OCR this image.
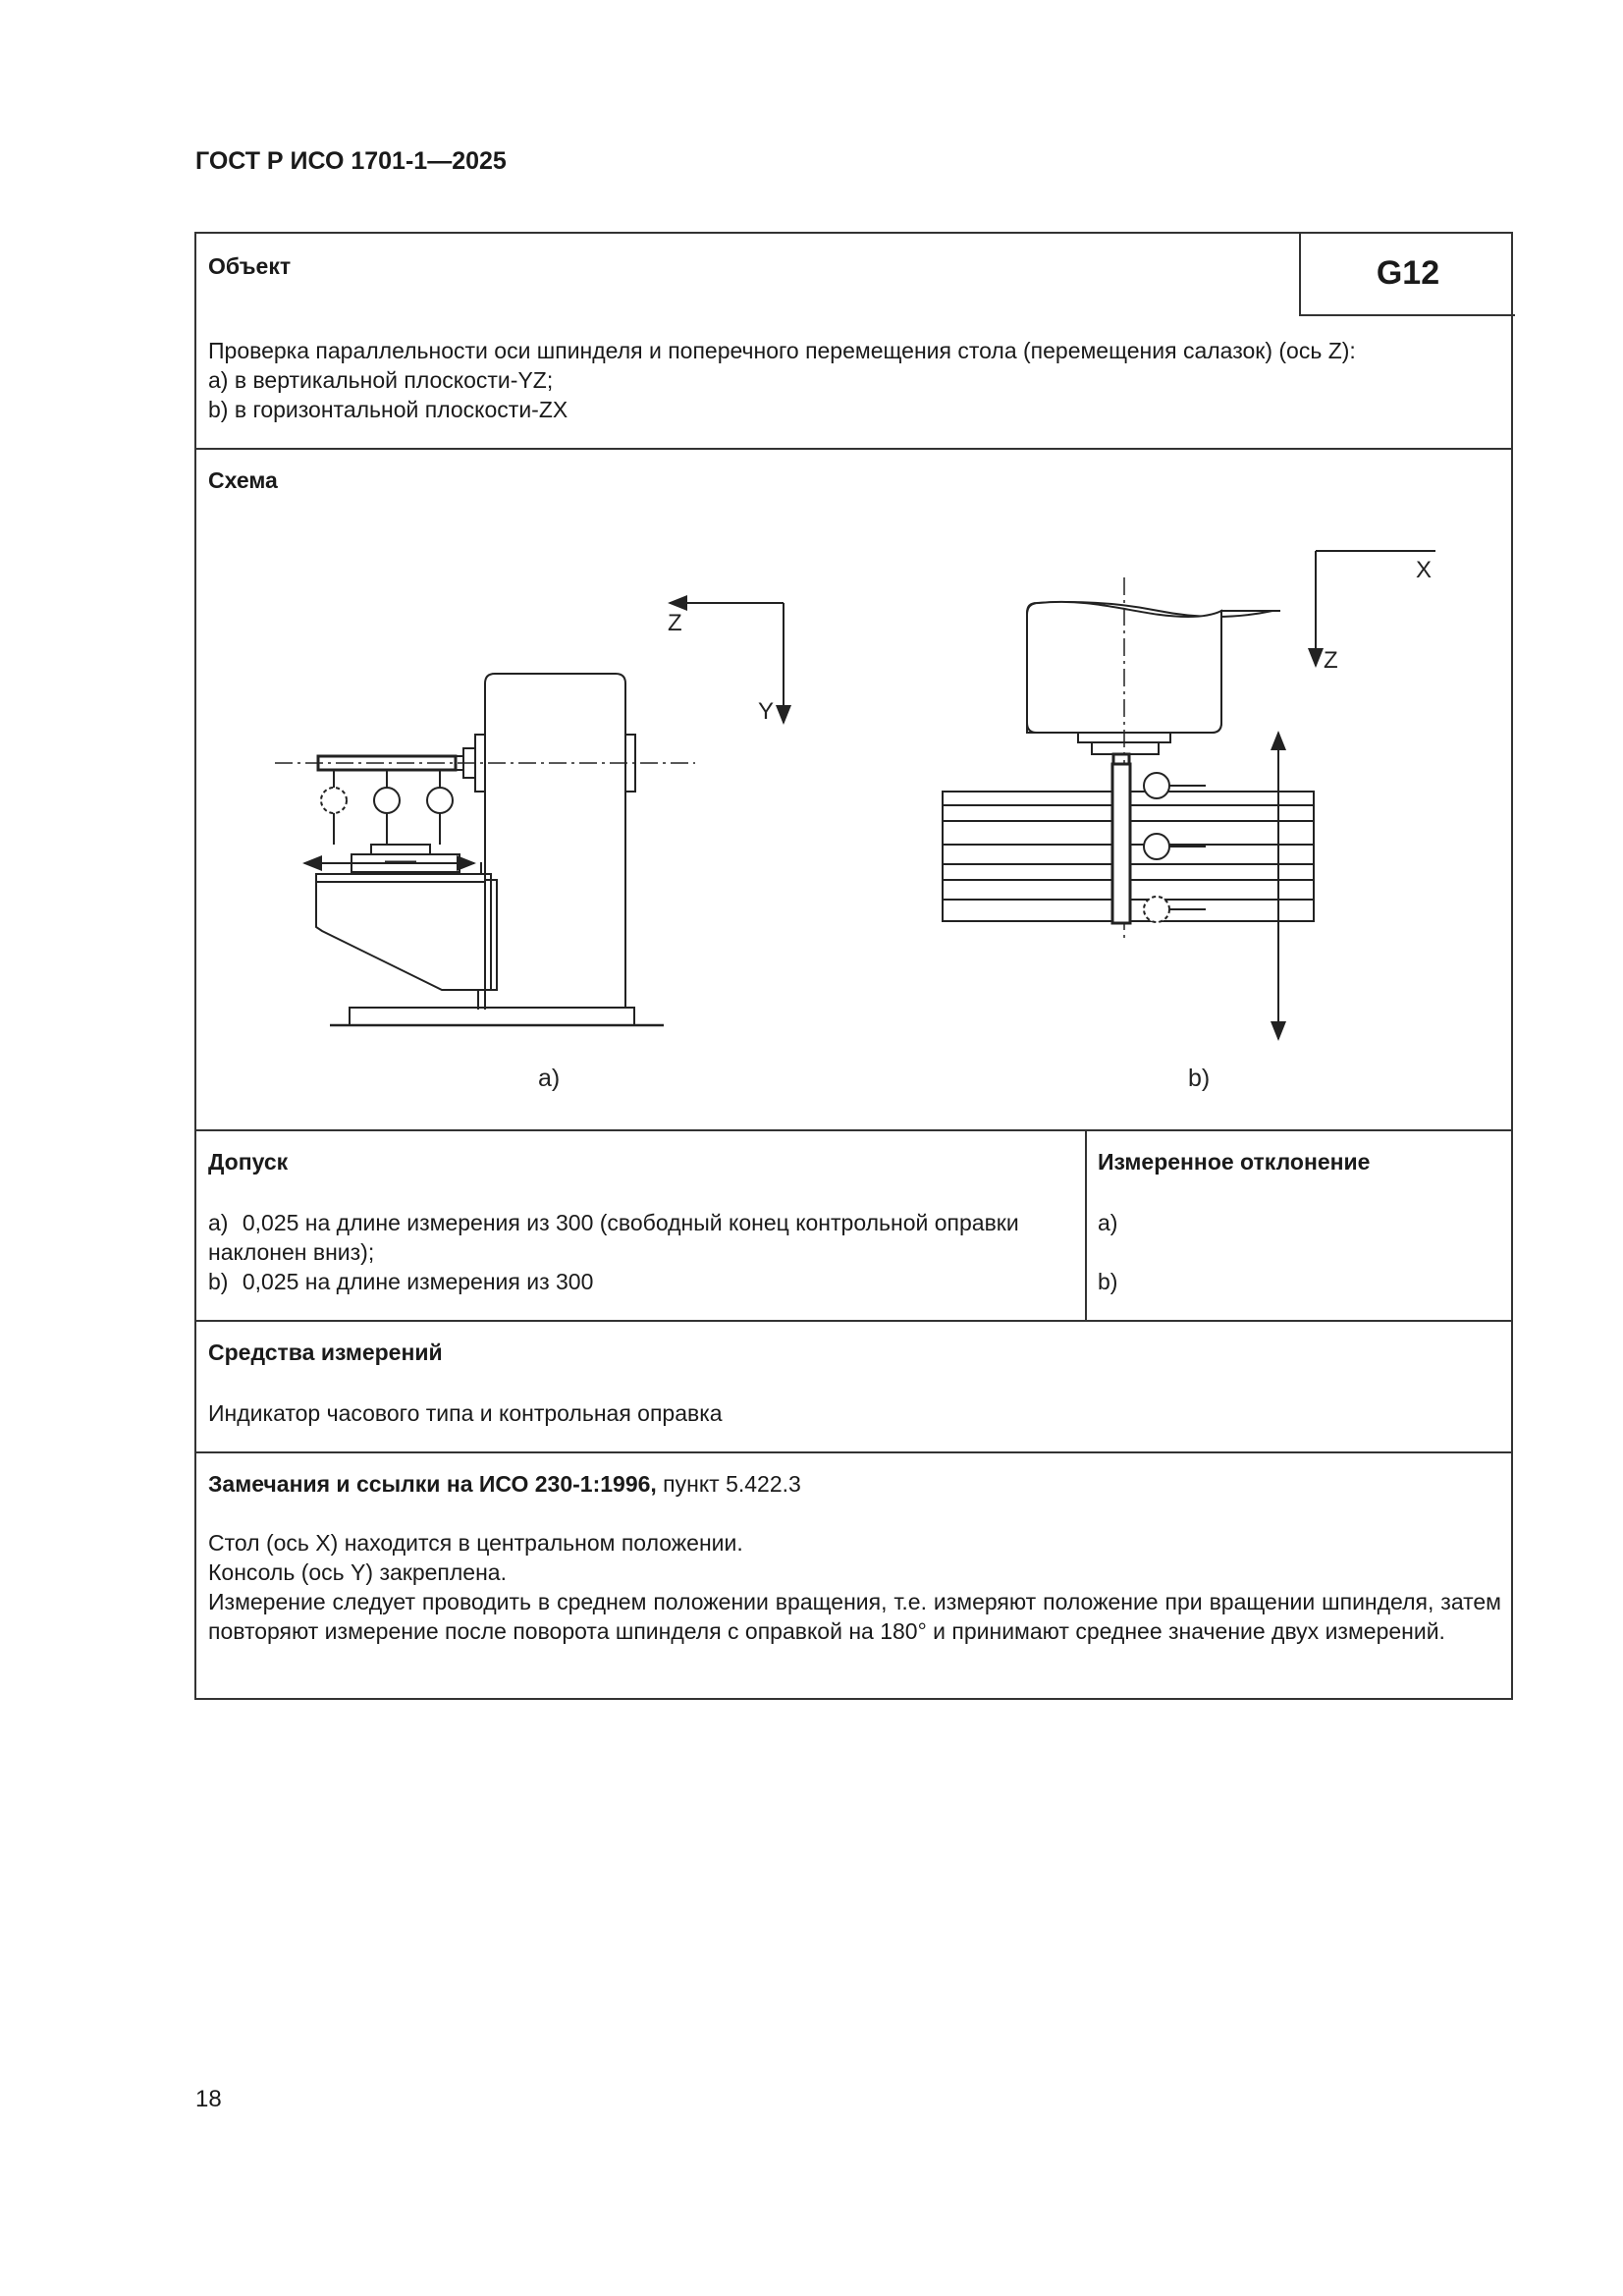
ГОСТ Р ИСО 1701-1—2025
Объект	G12
Проверка параллельности оси шпинделя и поперечного перемещения стола (перемещения салазок) (ось Z):
a) в вертикальной плоскости-YZ;
b) в горизонтальной плоскости-ZX
Схема
Z
Y
а)
X
Z
b)
Допуск
a) 0,025 на длине измерения из 300 (свободный конец контрольной оправки наклонен вниз);
b) 0,025 на длине измерения из 300
Измеренное отклонение
a)
b)
Средства измерений
Индикатор часового типа и контрольная оправка
Замечания и ссылки на ИСО 230-1:1996, пункт 5.422.3
Стол (ось X) находится в центральном положении.
Консоль (ось Y) закреплена.
Измерение следует проводить в среднем положении вращения, т.е. измеряют положение при вращении шпинделя, затем повторяют измерение после поворота шпинделя с оправкой на 180° и принимают среднее значение двух измерений.
18
